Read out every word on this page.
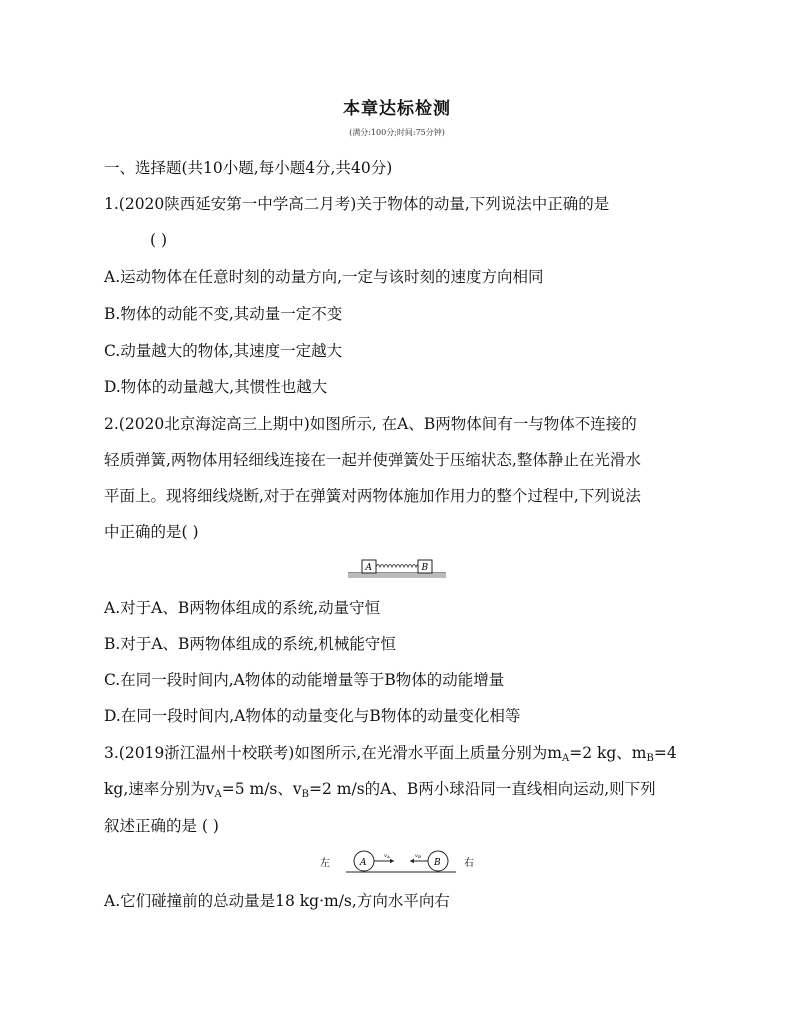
本章达标检测
(满分:100分;时间:75分钟)
一、选择题(共10小题,每小题4分,共40分)
1.(2020陕西延安第一中学高二月考)关于物体的动量,下列说法中正确的是
( )
A.运动物体在任意时刻的动量方向,一定与该时刻的速度方向相同
B.物体的动能不变,其动量一定不变
C.动量越大的物体,其速度一定越大
D.物体的动量越大,其惯性也越大
2.(2020北京海淀高三上期中)如图所示, 在A、B两物体间有一与物体不连接的
轻质弹簧,两物体用轻细线连接在一起并使弹簧处于压缩状态,整体静止在光滑水
平面上。现将细线烧断,对于在弹簧对两物体施加作用力的整个过程中,下列说法
中正确的是( )
A	B
A.对于A、B两物体组成的系统,动量守恒
B.对于A、B两物体组成的系统,机械能守恒
C.在同一段时间内,A物体的动能增量等于B物体的动能增量
D.在同一段时间内,A物体的动量变化与B物体的动量变化相等
3.(2019浙江温州十校联考)如图所示,在光滑水平面上质量分别为$m_A=2$ kg、$m_B=4$
kg,速率分别为$v_A=5$ m/s、$v_B=2$ m/s的A、B两小球沿同一直线相向运动,则下列
叙述正确的是 ( )
左	右
A	B
v A	v B
A.它们碰撞前的总动量是18 kg·m/s,方向水平向右
